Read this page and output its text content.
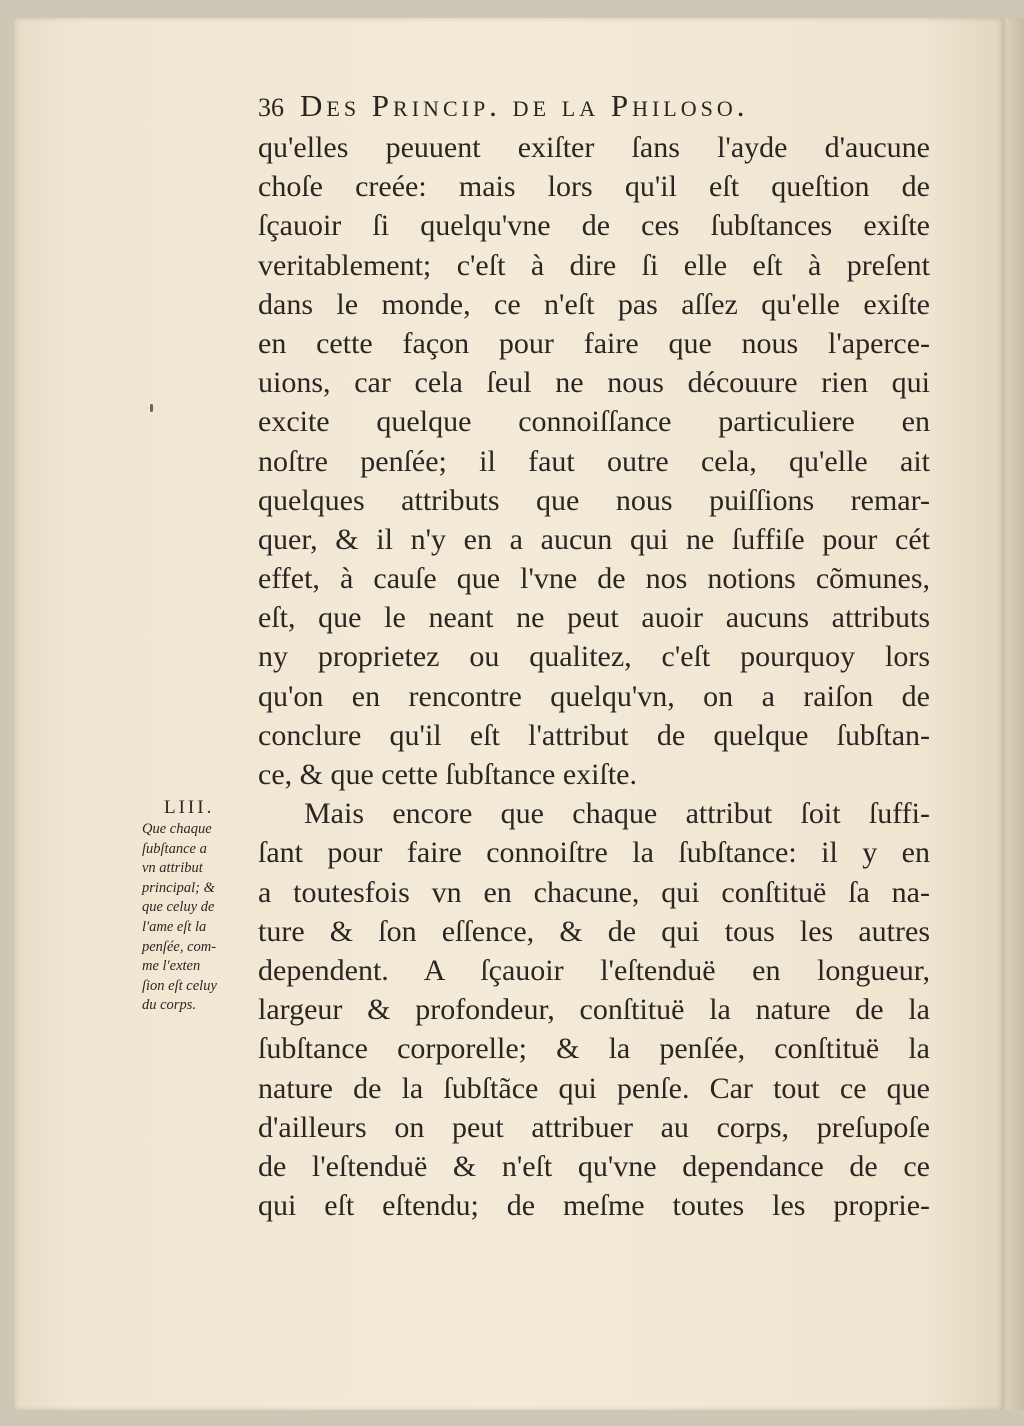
36 Des Princip. de la Philoso.
qu'elles peuuent exiſter ſans l'ayde d'aucune
choſe creée: mais lors qu'il eſt queſtion de
ſçauoir ſi quelqu'vne de ces ſubſtances exiſte
veritablement; c'eſt à dire ſi elle eſt à preſent
dans le monde, ce n'eſt pas aſſez qu'elle exiſte
en cette façon pour faire que nous l'aperce-
uions, car cela ſeul ne nous découure rien qui
excite quelque connoiſſance particuliere en
noſtre penſée; il faut outre cela, qu'elle ait
quelques attributs que nous puiſſions remar-
quer, & il n'y en a aucun qui ne ſuffiſe pour cét
effet, à cauſe que l'vne de nos notions cõmunes,
eſt, que le neant ne peut auoir aucuns attributs
ny proprietez ou qualitez, c'eſt pourquoy lors
qu'on en rencontre quelqu'vn, on a raiſon de
conclure qu'il eſt l'attribut de quelque ſubſtan-
ce, & que cette ſubſtance exiſte.
Mais encore que chaque attribut ſoit ſuffi-
ſant pour faire connoiſtre la ſubſtance: il y en
a toutesfois vn en chacune, qui conſtituë ſa na-
ture & ſon eſſence, & de qui tous les autres
dependent. A ſçauoir l'eſtenduë en longueur,
largeur & profondeur, conſtituë la nature de la
ſubſtance corporelle; & la penſée, conſtituë la
nature de la ſubſtãce qui penſe. Car tout ce que
d'ailleurs on peut attribuer au corps, preſupoſe
de l'eſtenduë & n'eſt qu'vne dependance de ce
qui eſt eſtendu; de meſme toutes les proprie-
LIII.
Que chaque
ſubſtance a
vn attribut
principal; &
que celuy de
l'ame eſt la
penſée, com-
me l'exten
ſion eſt celuy
du corps.
